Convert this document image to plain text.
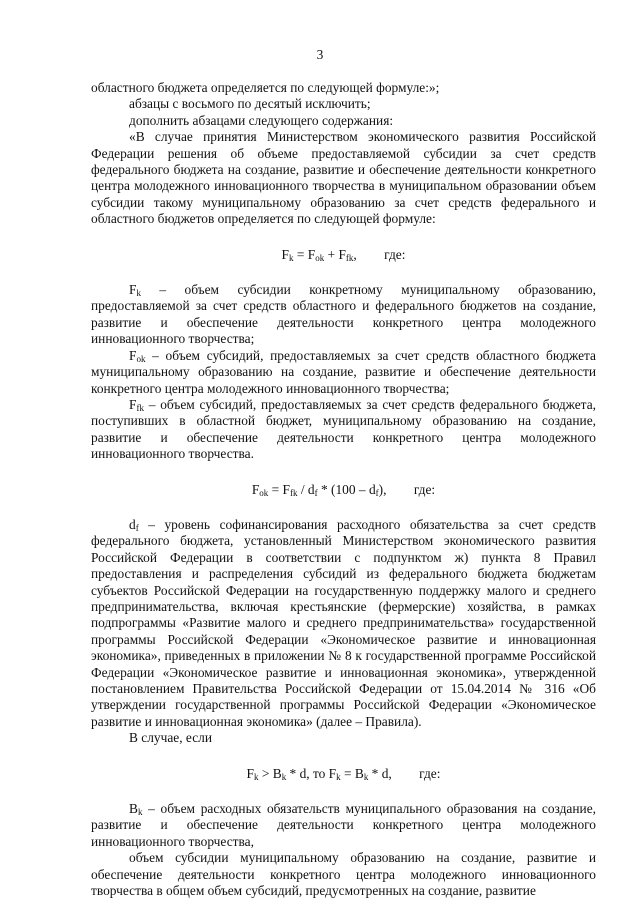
3

областного бюджета определяется по следующей формуле:»;

абзацы с восьмого по десятый исключить;

дополнить абзацами следующего содержания:

«В случае принятия Министерством экономического развития Российской Федерации решения об объеме предоставляемой субсидии за счет средств федерального бюджета на создание, развитие и обеспечение деятельности конкретного центра молодежного инновационного творчества в муниципальном образовании объем субсидии такому муниципальному образованию за счет средств федерального и областного бюджетов определяется по следующей формуле:

$F_k = F_{ok} + F_{fk}$, где:

$F_k$ – объем субсидии конкретному муниципальному образованию, предоставляемой за счет средств областного и федерального бюджетов на создание, развитие и обеспечение деятельности конкретного центра молодежного инновационного творчества;

$F_{ok}$ – объем субсидий, предоставляемых за счет средств областного бюджета муниципальному образованию на создание, развитие и обеспечение деятельности конкретного центра молодежного инновационного творчества;

$F_{fk}$ – объем субсидий, предоставляемых за счет средств федерального бюджета, поступивших в областной бюджет, муниципальному образованию на создание, развитие и обеспечение деятельности конкретного центра молодежного инновационного творчества.

$F_{ok} = F_{fk} / d_f * (100 - d_f)$, где:

$d_f$ – уровень софинансирования расходного обязательства за счет средств федерального бюджета, установленный Министерством экономического развития Российской Федерации в соответствии с подпунктом ж) пункта 8 Правил предоставления и распределения субсидий из федерального бюджета бюджетам субъектов Российской Федерации на государственную поддержку малого и среднего предпринимательства, включая крестьянские (фермерские) хозяйства, в рамках подпрограммы «Развитие малого и среднего предпринимательства» государственной программы Российской Федерации «Экономическое развитие и инновационная экономика», приведенных в приложении № 8 к государственной программе Российской Федерации «Экономическое развитие и инновационная экономика», утвержденной постановлением Правительства Российской Федерации от 15.04.2014 № 316 «Об утверждении государственной программы Российской Федерации «Экономическое развитие и инновационная экономика» (далее – Правила).

В случае, если

$F_k > B_k * d$, то $F_k = B_k * d$, где:

$B_k$ – объем расходных обязательств муниципального образования на создание, развитие и обеспечение деятельности конкретного центра молодежного инновационного творчества,

объем субсидии муниципальному образованию на создание, развитие и обеспечение деятельности конкретного центра молодежного инновационного творчества в общем объем субсидий, предусмотренных на создание, развитие
